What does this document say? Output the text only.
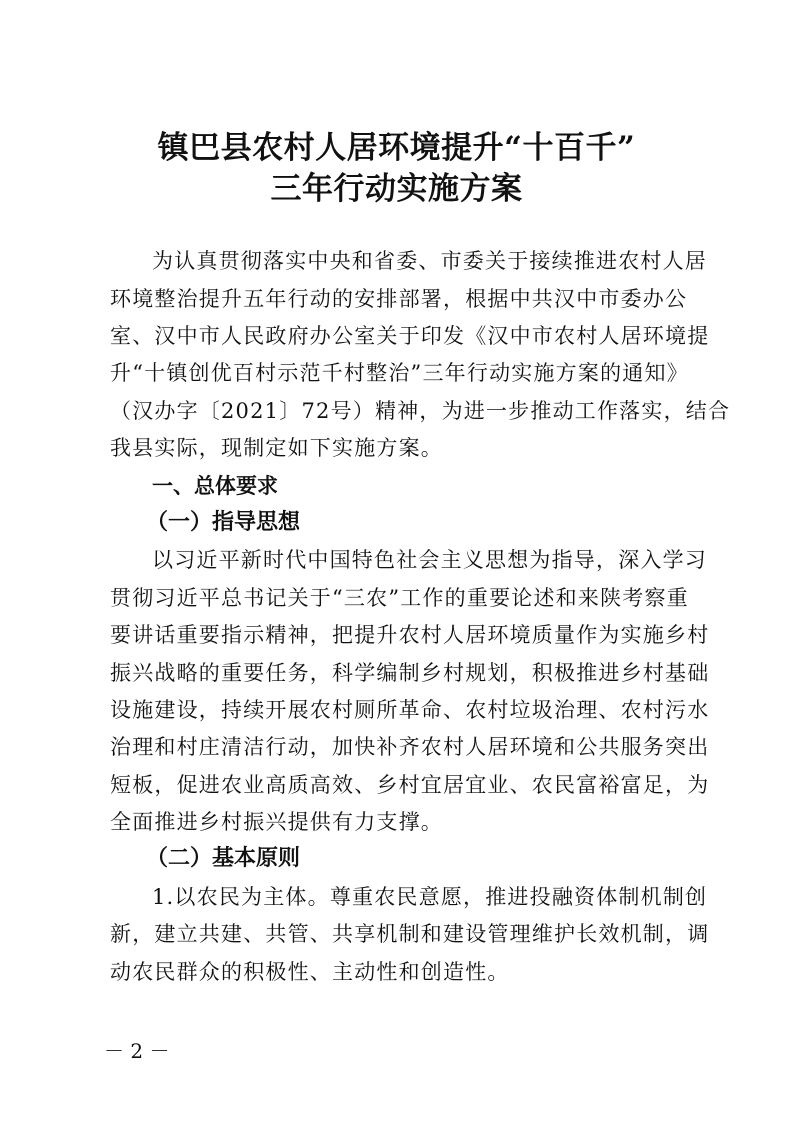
镇巴县农村人居环境提升“十百千”
三年行动实施方案
为认真贯彻落实中央和省委、市委关于接续推进农村人居
环境整治提升五年行动的安排部署，根据中共汉中市委办公
室、汉中市人民政府办公室关于印发《汉中市农村人居环境提
升“十镇创优百村示范千村整治”三年行动实施方案的通知》
（汉办字〔2021〕72号）精神，为进一步推动工作落实，结合
我县实际，现制定如下实施方案。
一、总体要求
（一）指导思想
以习近平新时代中国特色社会主义思想为指导，深入学习
贯彻习近平总书记关于“三农”工作的重要论述和来陕考察重
要讲话重要指示精神，把提升农村人居环境质量作为实施乡村
振兴战略的重要任务，科学编制乡村规划，积极推进乡村基础
设施建设，持续开展农村厕所革命、农村垃圾治理、农村污水
治理和村庄清洁行动，加快补齐农村人居环境和公共服务突出
短板，促进农业高质高效、乡村宜居宜业、农民富裕富足，为
全面推进乡村振兴提供有力支撑。
（二）基本原则
1.以农民为主体。尊重农民意愿，推进投融资体制机制创
新，建立共建、共管、共享机制和建设管理维护长效机制，调
动农民群众的积极性、主动性和创造性。
－ 2 －
